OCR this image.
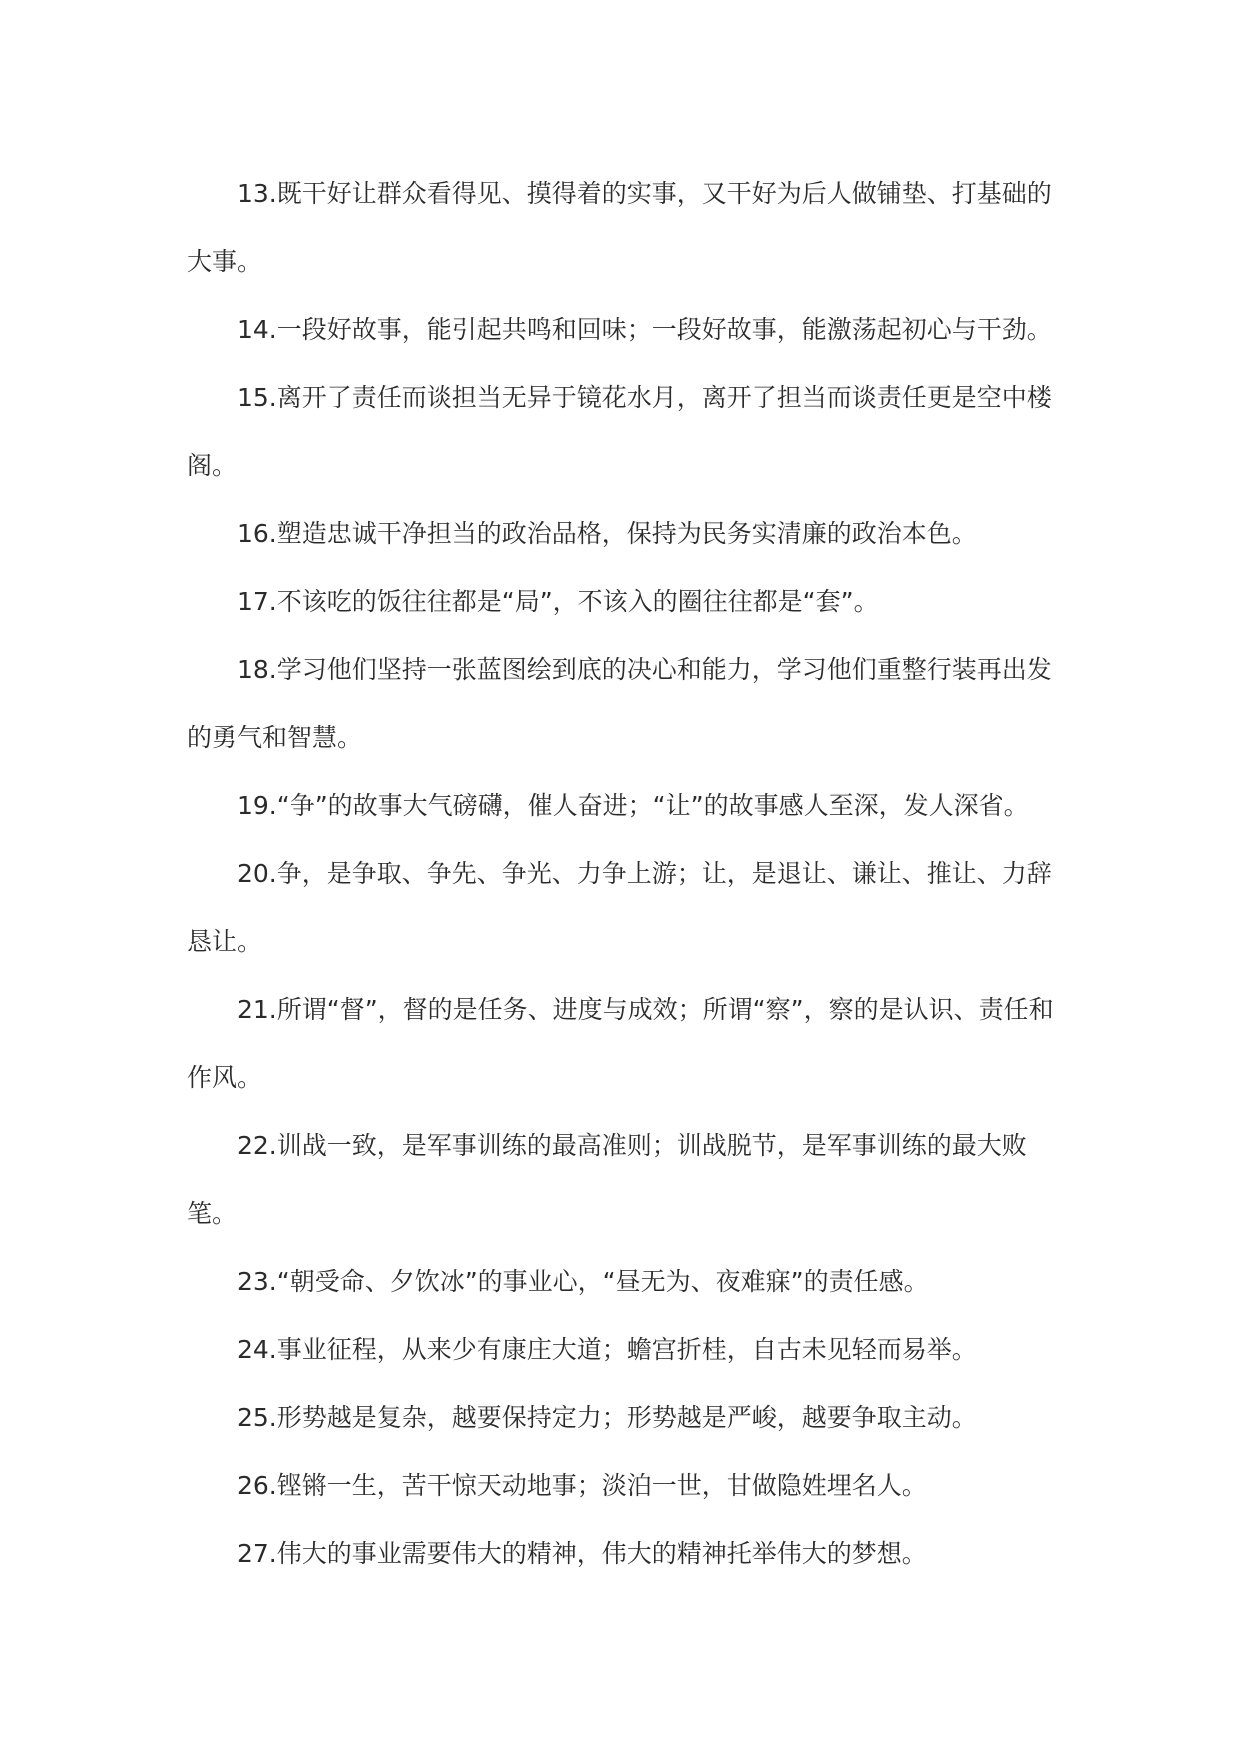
13.既干好让群众看得见、摸得着的实事，又干好为后人做铺垫、打基础的大事。

14.一段好故事，能引起共鸣和回味；一段好故事，能激荡起初心与干劲。

15.离开了责任而谈担当无异于镜花水月，离开了担当而谈责任更是空中楼阁。

16.塑造忠诚干净担当的政治品格，保持为民务实清廉的政治本色。

17.不该吃的饭往往都是“局”，不该入的圈往往都是“套”。

18.学习他们坚持一张蓝图绘到底的决心和能力，学习他们重整行装再出发的勇气和智慧。

19.“争”的故事大气磅礴，催人奋进；“让”的故事感人至深，发人深省。

20.争，是争取、争先、争光、力争上游；让，是退让、谦让、推让、力辞恳让。

21.所谓“督”，督的是任务、进度与成效；所谓“察”，察的是认识、责任和作风。

22.训战一致，是军事训练的最高准则；训战脱节，是军事训练的最大败笔。

23.“朝受命、夕饮冰”的事业心，“昼无为、夜难寐”的责任感。

24.事业征程，从来少有康庄大道；蟾宫折桂，自古未见轻而易举。

25.形势越是复杂，越要保持定力；形势越是严峻，越要争取主动。

26.铿锵一生，苦干惊天动地事；淡泊一世，甘做隐姓埋名人。

27.伟大的事业需要伟大的精神，伟大的精神托举伟大的梦想。
